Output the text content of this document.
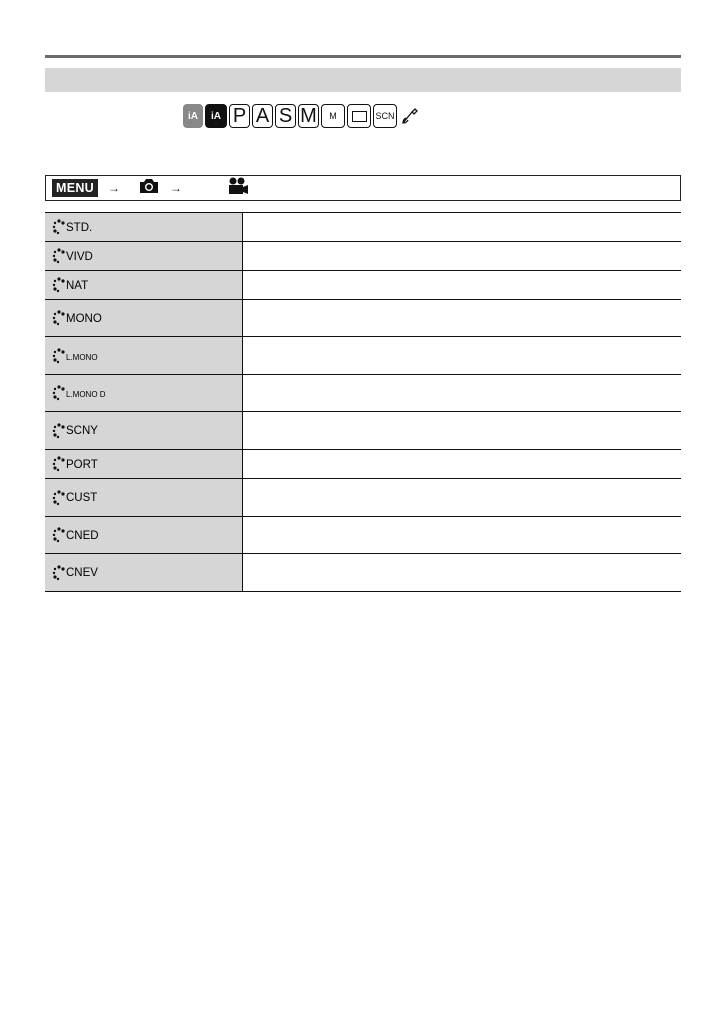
iA	iA P A S M	M	SCN
MENU	→	→
STD.	

VIVD	

NAT	

MONO	

L.MONO	

L.MONO D	

SCNY	

PORT	

CUST	

CNED	

CNEV	
